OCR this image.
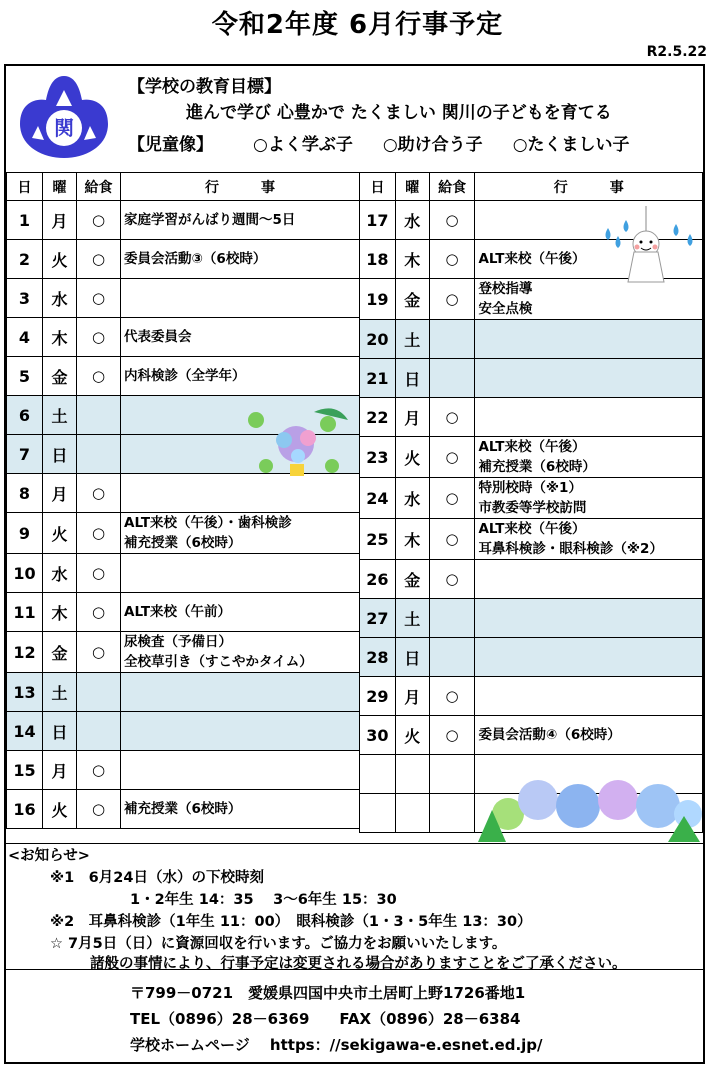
令和2年度 6月行事予定
R2.5.22
関
【学校の教育目標】
進んで学び 心豊かで たくましい 関川の子どもを育てる
【児童像】 ○よく学ぶ子 ○助け合う子 ○たくましい子
日	曜	給食	行　　　事
1	月	○	家庭学習がんばり週間～5日

2	火	○	委員会活動③（6校時）

3	水	○	
4	木	○	代表委員会

5	金	○	内科検診（全学年）

6	土		
7	日		
8	月	○	
9	火	○	ALT来校（午後）・歯科検診
補充授業（6校時）

10	水	○	
11	木	○	ALT来校（午前）

12	金	○	尿検査（予備日）
全校草引き（すこやかタイム）

13	土		
14	日		
15	月	○	
16	火	○	補充授業（6校時）
日	曜	給食	行　　　事
17	水	○	
18	木	○	ALT来校（午後）

19	金	○	登校指導
安全点検

20	土		
21	日		
22	月	○	
23	火	○	ALT来校（午後）
補充授業（6校時）

24	水	○	特別校時（※1）
市教委等学校訪問

25	木	○	ALT来校（午後）
耳鼻科検診・眼科検診（※2）

26	金	○	
27	土		
28	日		
29	月	○	
30	火	○	委員会活動④（6校時）

<お知らせ>
※1　6月24日（水）の下校時刻
1・2年生 14：35　 3～6年生 15：30
※2　耳鼻科検診（1年生 11：00）　眼科検診（1・3・5年生 13：30）
☆ 7月5日（日）に資源回収を行います。ご協力をお願いいたします。
諸般の事情により、行事予定は変更される場合がありますことをご了承ください。
〒799－0721　愛媛県四国中央市土居町上野1726番地1
TEL（0896）28－6369　　FAX（0896）28－6384
学校ホームページ　 https：//sekigawa-e.esnet.ed.jp/
